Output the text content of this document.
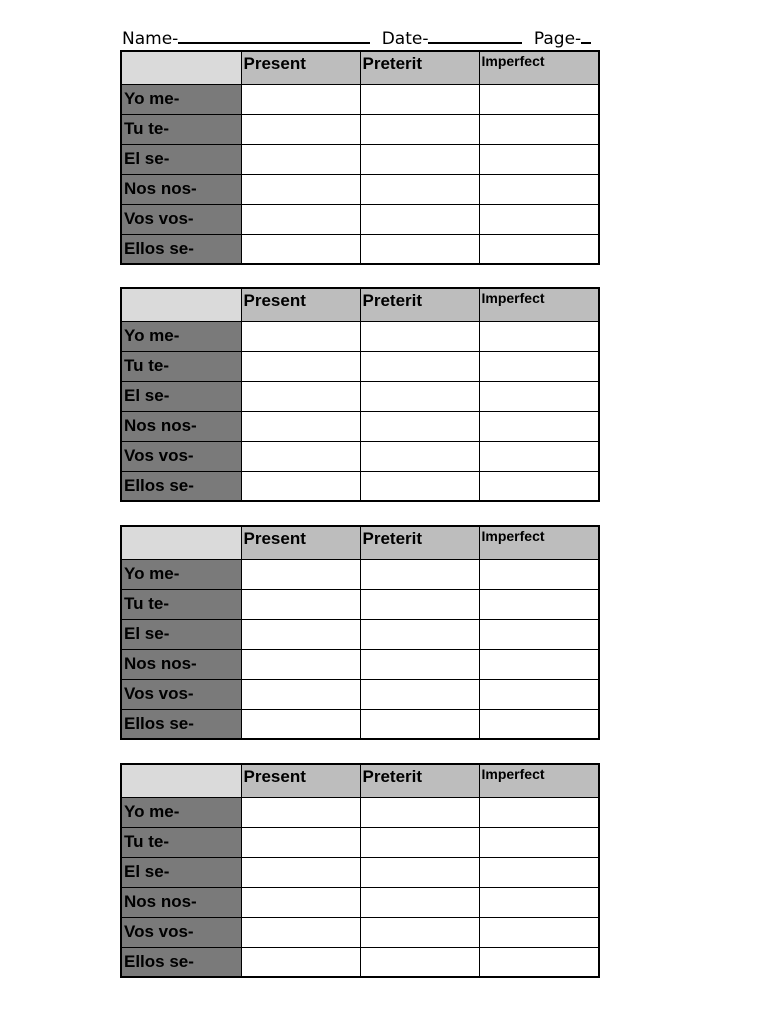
Name-	Date-	Page-
	Present	Preterit	Imperfect
Yo me-			
Tu te-			
El se-			
Nos nos-			
Vos vos-			
Ellos se-			
	Present	Preterit	Imperfect
Yo me-			
Tu te-			
El se-			
Nos nos-			
Vos vos-			
Ellos se-			
	Present	Preterit	Imperfect
Yo me-			
Tu te-			
El se-			
Nos nos-			
Vos vos-			
Ellos se-			
	Present	Preterit	Imperfect
Yo me-			
Tu te-			
El se-			
Nos nos-			
Vos vos-			
Ellos se-			
